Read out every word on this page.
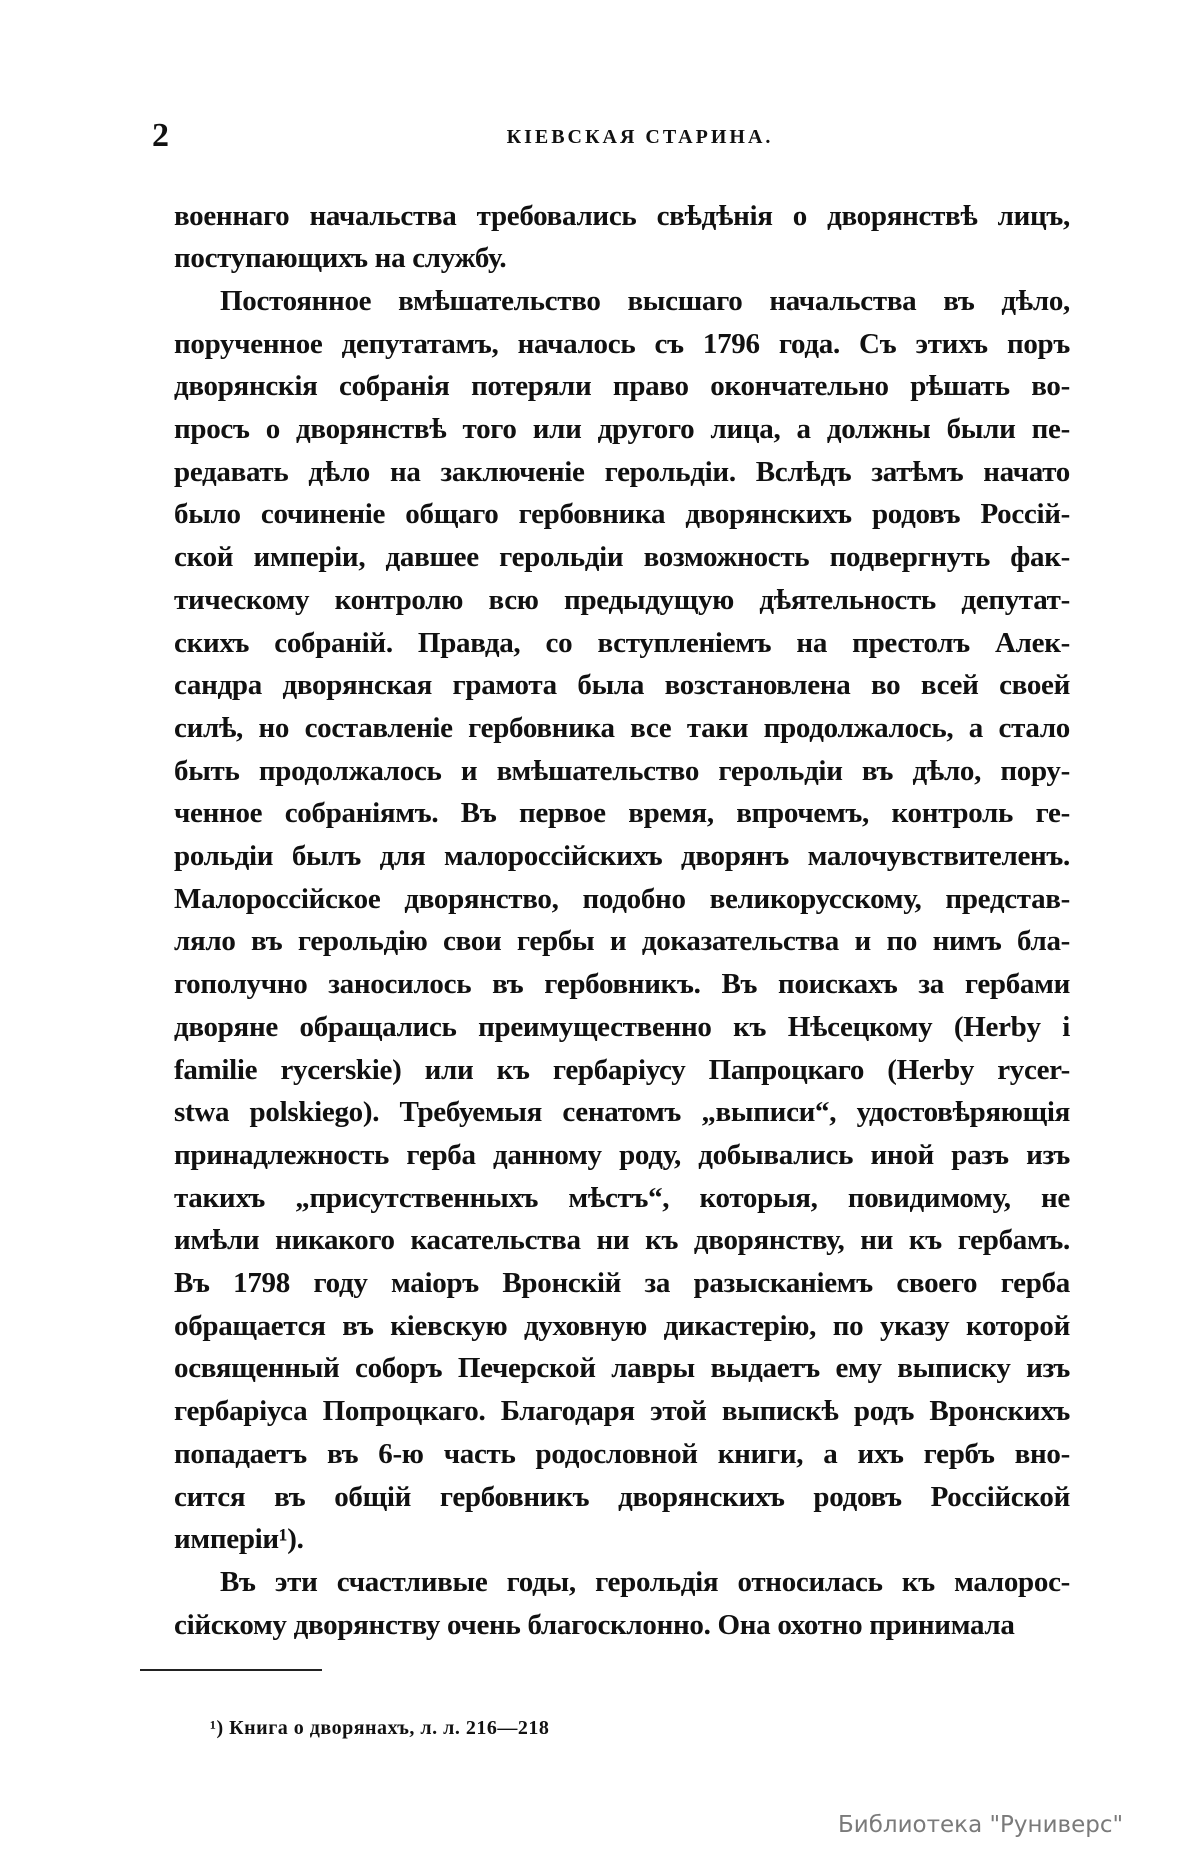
2	КІЕВСКАЯ СТАРИНА.
военнаго начальства требовались свѣдѣнія о дворянствѣ лицъ,
поступающихъ на службу.
Постоянное вмѣшательство высшаго начальства въ дѣло,
порученное депутатамъ, началось съ 1796 года. Съ этихъ поръ
дворянскія собранія потеряли право окончательно рѣшать во-
просъ о дворянствѣ того или другого лица, а должны были пе-
редавать дѣло на заключеніе герольдіи. Вслѣдъ затѣмъ начато
было сочиненіе общаго гербовника дворянскихъ родовъ Россій-
ской имперіи, давшее герольдіи возможность подвергнуть фак-
тическому контролю всю предыдущую дѣятельность депутат-
скихъ собраній. Правда, со вступленіемъ на престолъ Алек-
сандра дворянская грамота была возстановлена во всей своей
силѣ, но составленіе гербовника все таки продолжалось, а стало
быть продолжалось и вмѣшательство герольдіи въ дѣло, пору-
ченное собраніямъ. Въ первое время, впрочемъ, контроль ге-
рольдіи былъ для малороссійскихъ дворянъ малочувствителенъ.
Малороссійское дворянство, подобно великорусскому, представ-
ляло въ герольдію свои гербы и доказательства и по нимъ бла-
гополучно заносилось въ гербовникъ. Въ поискахъ за гербами
дворяне обращались преимущественно къ Нѣсецкому (Herby i
familie rycerskie) или къ гербаріусу Папроцкаго (Herby rycer-
stwa polskiego). Требуемыя сенатомъ „выписи“, удостовѣряющія
принадлежность герба данному роду, добывались иной разъ изъ
такихъ „присутственныхъ мѣстъ“, которыя, повидимому, не
имѣли никакого касательства ни къ дворянству, ни къ гербамъ.
Въ 1798 году маіоръ Вронскій за разысканіемъ своего герба
обращается въ кіевскую духовную дикастерію, по указу которой
освященный соборъ Печерской лавры выдаетъ ему выписку изъ
гербаріуса Попроцкаго. Благодаря этой выпискѣ родъ Вронскихъ
попадаетъ въ 6-ю часть родословной книги, а ихъ гербъ вно-
сится въ общій гербовникъ дворянскихъ родовъ Россійской
имперіи¹).
Въ эти счастливые годы, герольдія относилась къ малорос-
сійскому дворянству очень благосклонно. Она охотно принимала
¹) Книга о дворянахъ, л. л. 216—218
Библиотека "Руниверс"
